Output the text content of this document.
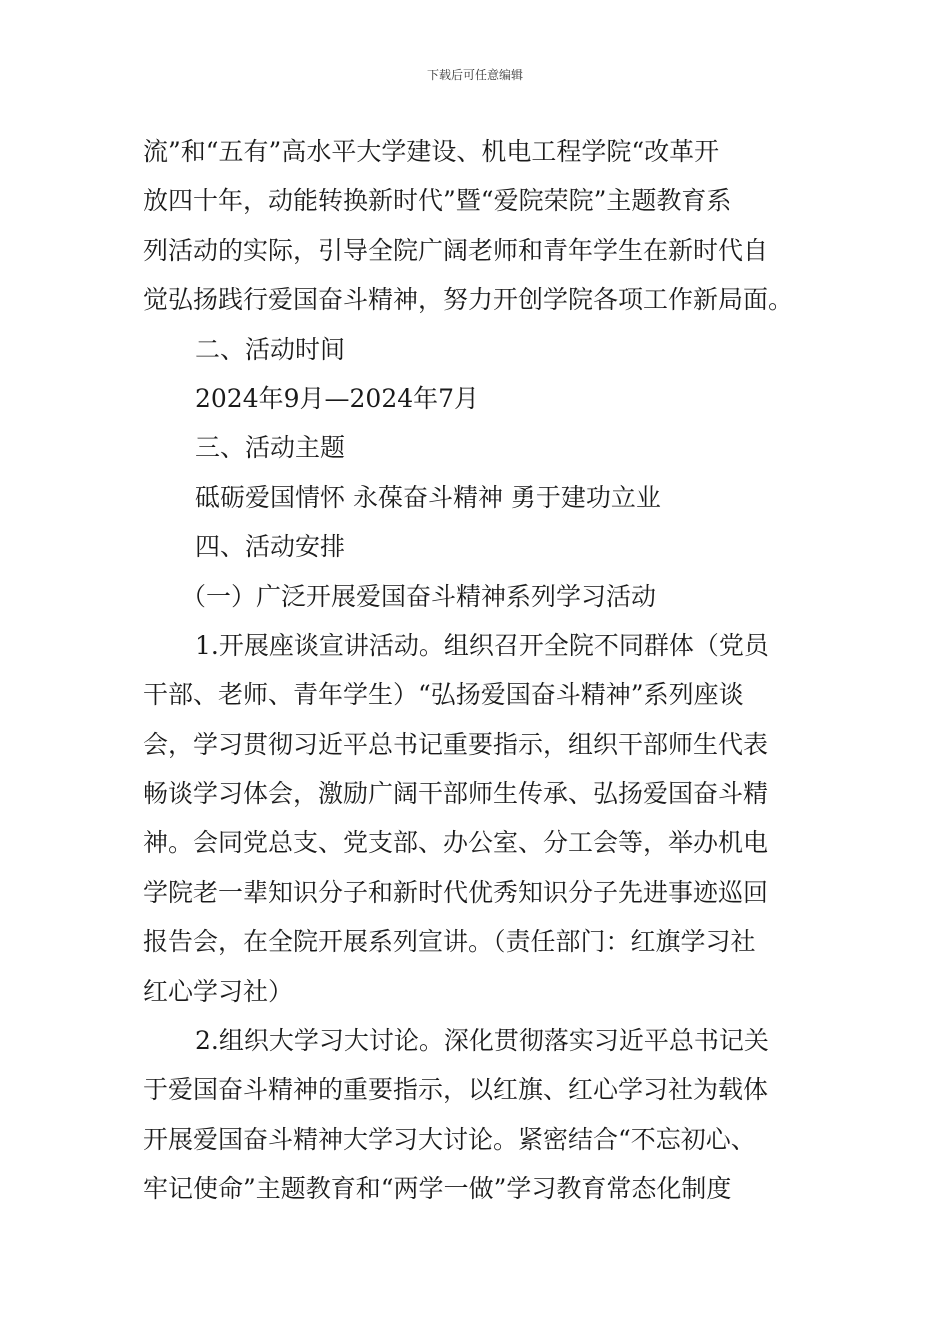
下载后可任意编辑
流”和“五有”高水平大学建设、机电工程学院“改革开
放四十年，动能转换新时代”暨“爱院荣院”主题教育系
列活动的实际，引导全院广阔老师和青年学生在新时代自
觉弘扬践行爱国奋斗精神，努力开创学院各项工作新局面。
二、活动时间
2024年9月—2024年7月
三、活动主题
砥砺爱国情怀 永葆奋斗精神 勇于建功立业
四、活动安排
（一）广泛开展爱国奋斗精神系列学习活动
1.开展座谈宣讲活动。组织召开全院不同群体（党员
干部、老师、青年学生）“弘扬爱国奋斗精神”系列座谈
会，学习贯彻习近平总书记重要指示，组织干部师生代表
畅谈学习体会，激励广阔干部师生传承、弘扬爱国奋斗精
神。会同党总支、党支部、办公室、分工会等，举办机电
学院老一辈知识分子和新时代优秀知识分子先进事迹巡回
报告会，在全院开展系列宣讲。（责任部门：红旗学习社
红心学习社）
2.组织大学习大讨论。深化贯彻落实习近平总书记关
于爱国奋斗精神的重要指示，以红旗、红心学习社为载体
开展爱国奋斗精神大学习大讨论。紧密结合“不忘初心、
牢记使命”主题教育和“两学一做”学习教育常态化制度
